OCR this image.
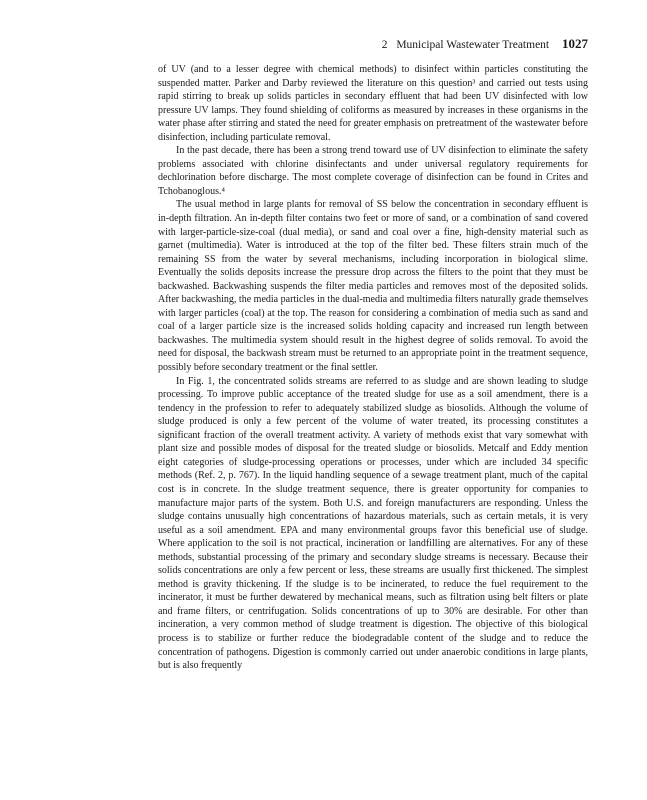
2 Municipal Wastewater Treatment 1027

of UV (and to a lesser degree with chemical methods) to disinfect within particles constituting the suspended matter. Parker and Darby reviewed the literature on this question³ and carried out tests using rapid stirring to break up solids particles in secondary effluent that had been UV disinfected with low pressure UV lamps. They found shielding of coliforms as measured by increases in these organisms in the water phase after stirring and stated the need for greater emphasis on pretreatment of the wastewater before disinfection, including particulate removal.

In the past decade, there has been a strong trend toward use of UV disinfection to eliminate the safety problems associated with chlorine disinfectants and under universal regulatory requirements for dechlorination before discharge. The most complete coverage of disinfection can be found in Crites and Tchobanoglous.⁴

The usual method in large plants for removal of SS below the concentration in secondary effluent is in-depth filtration. An in-depth filter contains two feet or more of sand, or a combination of sand covered with larger-particle-size-coal (dual media), or sand and coal over a fine, high-density material such as garnet (multimedia). Water is introduced at the top of the filter bed. These filters strain much of the remaining SS from the water by several mechanisms, including incorporation in biological slime. Eventually the solids deposits increase the pressure drop across the filters to the point that they must be backwashed. Backwashing suspends the filter media particles and removes most of the deposited solids. After backwashing, the media particles in the dual-media and multimedia filters naturally grade themselves with larger particles (coal) at the top. The reason for considering a combination of media such as sand and coal of a larger particle size is the increased solids holding capacity and increased run length between backwashes. The multimedia system should result in the highest degree of solids removal. To avoid the need for disposal, the backwash stream must be returned to an appropriate point in the treatment sequence, possibly before secondary treatment or the final settler.

In Fig. 1, the concentrated solids streams are referred to as sludge and are shown leading to sludge processing. To improve public acceptance of the treated sludge for use as a soil amendment, there is a tendency in the profession to refer to adequately stabilized sludge as biosolids. Although the volume of sludge produced is only a few percent of the volume of water treated, its processing constitutes a significant fraction of the overall treatment activity. A variety of methods exist that vary somewhat with plant size and possible modes of disposal for the treated sludge or biosolids. Metcalf and Eddy mention eight categories of sludge-processing operations or processes, under which are included 34 specific methods (Ref. 2, p. 767). In the liquid handling sequence of a sewage treatment plant, much of the capital cost is in concrete. In the sludge treatment sequence, there is greater opportunity for companies to manufacture major parts of the system. Both U.S. and foreign manufacturers are responding. Unless the sludge contains unusually high concentrations of hazardous materials, such as certain metals, it is very useful as a soil amendment. EPA and many environmental groups favor this beneficial use of sludge. Where application to the soil is not practical, incineration or landfilling are alternatives. For any of these methods, substantial processing of the primary and secondary sludge streams is necessary. Because their solids concentrations are only a few percent or less, these streams are usually first thickened. The simplest method is gravity thickening. If the sludge is to be incinerated, to reduce the fuel requirement to the incinerator, it must be further dewatered by mechanical means, such as filtration using belt filters or plate and frame filters, or centrifugation. Solids concentrations of up to 30% are desirable. For other than incineration, a very common method of sludge treatment is digestion. The objective of this biological process is to stabilize or further reduce the biodegradable content of the sludge and to reduce the concentration of pathogens. Digestion is commonly carried out under anaerobic conditions in large plants, but is also frequently
